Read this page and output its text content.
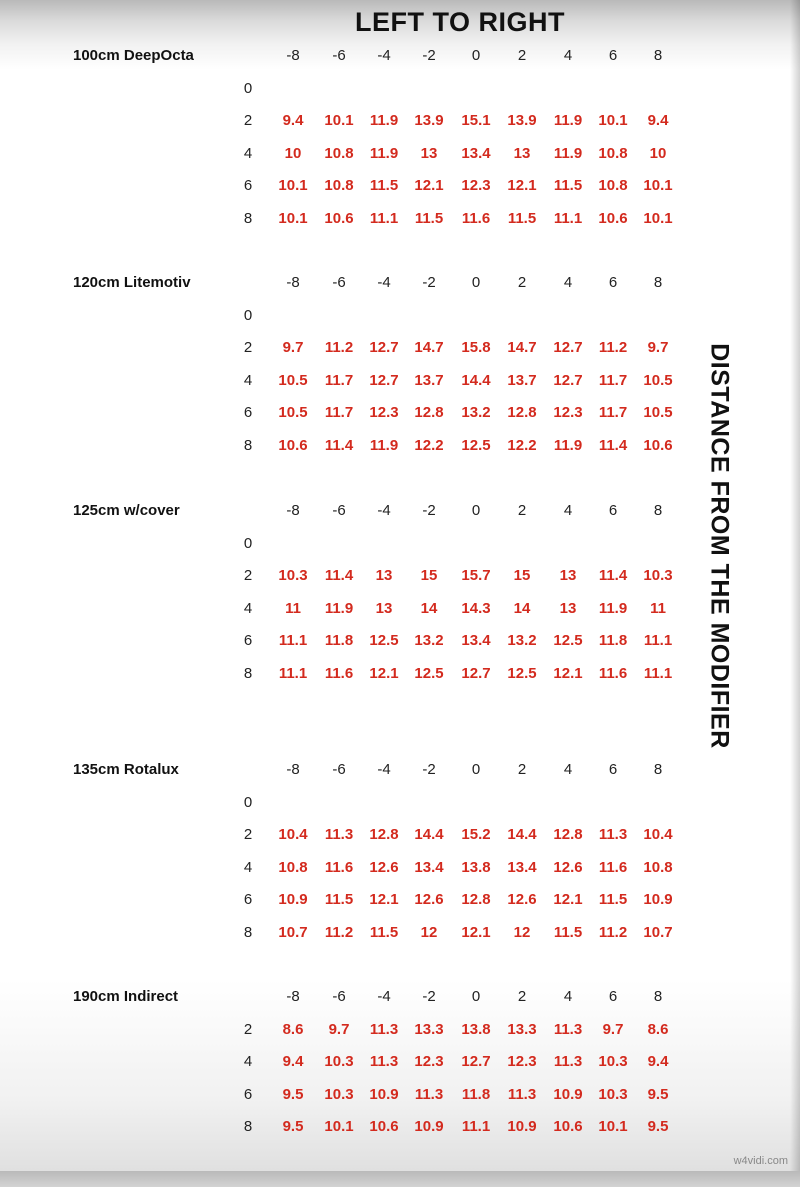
LEFT TO RIGHT
DISTANCE FROM THE MODIFIER
100cm DeepOcta	-8	-6	-4	-2	0	2	4	6	8
0
2	9.4	10.1	11.9	13.9	15.1	13.9	11.9	10.1	9.4
4	10	10.8	11.9	13	13.4	13	11.9	10.8	10
6	10.1	10.8	11.5	12.1	12.3	12.1	11.5	10.8	10.1
8	10.1	10.6	11.1	11.5	11.6	11.5	11.1	10.6	10.1
120cm Litemotiv	-8	-6	-4	-2	0	2	4	6	8
0
2	9.7	11.2	12.7	14.7	15.8	14.7	12.7	11.2	9.7
4	10.5	11.7	12.7	13.7	14.4	13.7	12.7	11.7	10.5
6	10.5	11.7	12.3	12.8	13.2	12.8	12.3	11.7	10.5
8	10.6	11.4	11.9	12.2	12.5	12.2	11.9	11.4	10.6
125cm w/cover	-8	-6	-4	-2	0	2	4	6	8
0
2	10.3	11.4	13	15	15.7	15	13	11.4	10.3
4	11	11.9	13	14	14.3	14	13	11.9	11
6	11.1	11.8	12.5	13.2	13.4	13.2	12.5	11.8	11.1
8	11.1	11.6	12.1	12.5	12.7	12.5	12.1	11.6	11.1
135cm Rotalux	-8	-6	-4	-2	0	2	4	6	8
0
2	10.4	11.3	12.8	14.4	15.2	14.4	12.8	11.3	10.4
4	10.8	11.6	12.6	13.4	13.8	13.4	12.6	11.6	10.8
6	10.9	11.5	12.1	12.6	12.8	12.6	12.1	11.5	10.9
8	10.7	11.2	11.5	12	12.1	12	11.5	11.2	10.7
190cm Indirect	-8	-6	-4	-2	0	2	4	6	8
2	8.6	9.7	11.3	13.3	13.8	13.3	11.3	9.7	8.6
4	9.4	10.3	11.3	12.3	12.7	12.3	11.3	10.3	9.4
6	9.5	10.3	10.9	11.3	11.8	11.3	10.9	10.3	9.5
8	9.5	10.1	10.6	10.9	11.1	10.9	10.6	10.1	9.5
w4vidi.com
